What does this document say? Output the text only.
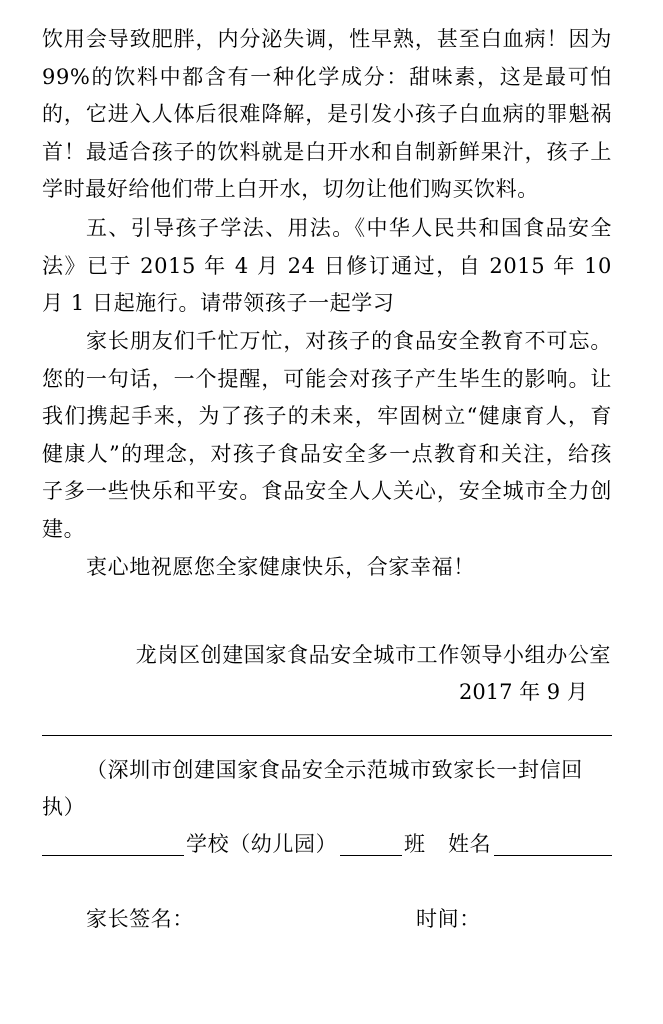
饮用会导致肥胖，内分泌失调，性早熟，甚至白血病！因为99%的饮料中都含有一种化学成分：甜味素，这是最可怕的，它进入人体后很难降解，是引发小孩子白血病的罪魁祸首！最适合孩子的饮料就是白开水和自制新鲜果汁，孩子上学时最好给他们带上白开水，切勿让他们购买饮料。

五、引导孩子学法、用法。《中华人民共和国食品安全法》已于 2015 年 4 月 24 日修订通过，自 2015 年 10 月 1 日起施行。请带领孩子一起学习

家长朋友们千忙万忙，对孩子的食品安全教育不可忘。您的一句话，一个提醒，可能会对孩子产生毕生的影响。让我们携起手来，为了孩子的未来，牢固树立“健康育人，育健康人”的理念，对孩子食品安全多一点教育和关注，给孩子多一些快乐和平安。食品安全人人关心，安全城市全力创建。

衷心地祝愿您全家健康快乐，合家幸福！

龙岗区创建国家食品安全城市工作领导小组办公室
2017 年 9 月

（深圳市创建国家食品安全示范城市致家长一封信回执）

学校（幼儿园）	班 姓名
家长签名：	时间：
